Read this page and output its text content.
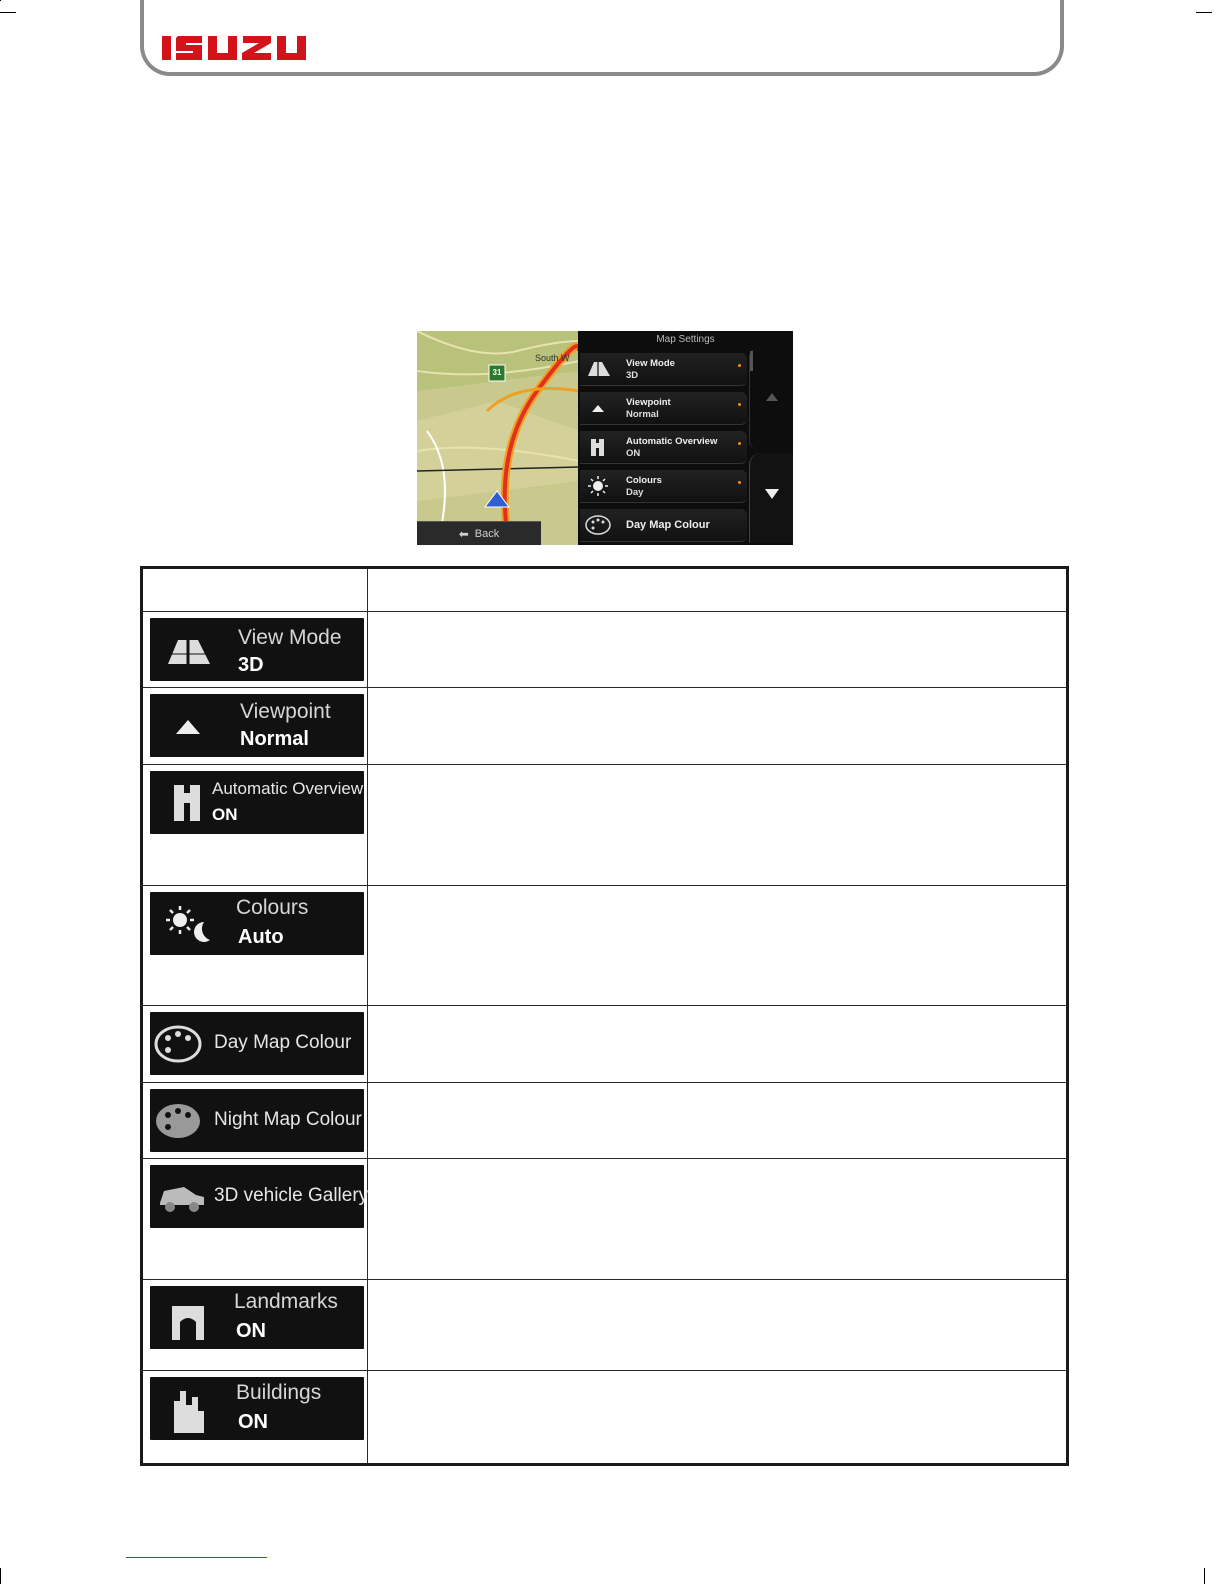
31
South W
⬅ Back
Map Settings
View Mode
3D
Viewpoint
Normal
Automatic Overview
ON
Colours
Day
Day Map Colour

View Mode
3D	

Viewpoint
Normal	

Automatic Overview
ON	

Colours
Auto	

Day Map Colour	

Night Map Colour	

3D vehicle Gallery	

Landmarks
ON	

Buildings
ON	
